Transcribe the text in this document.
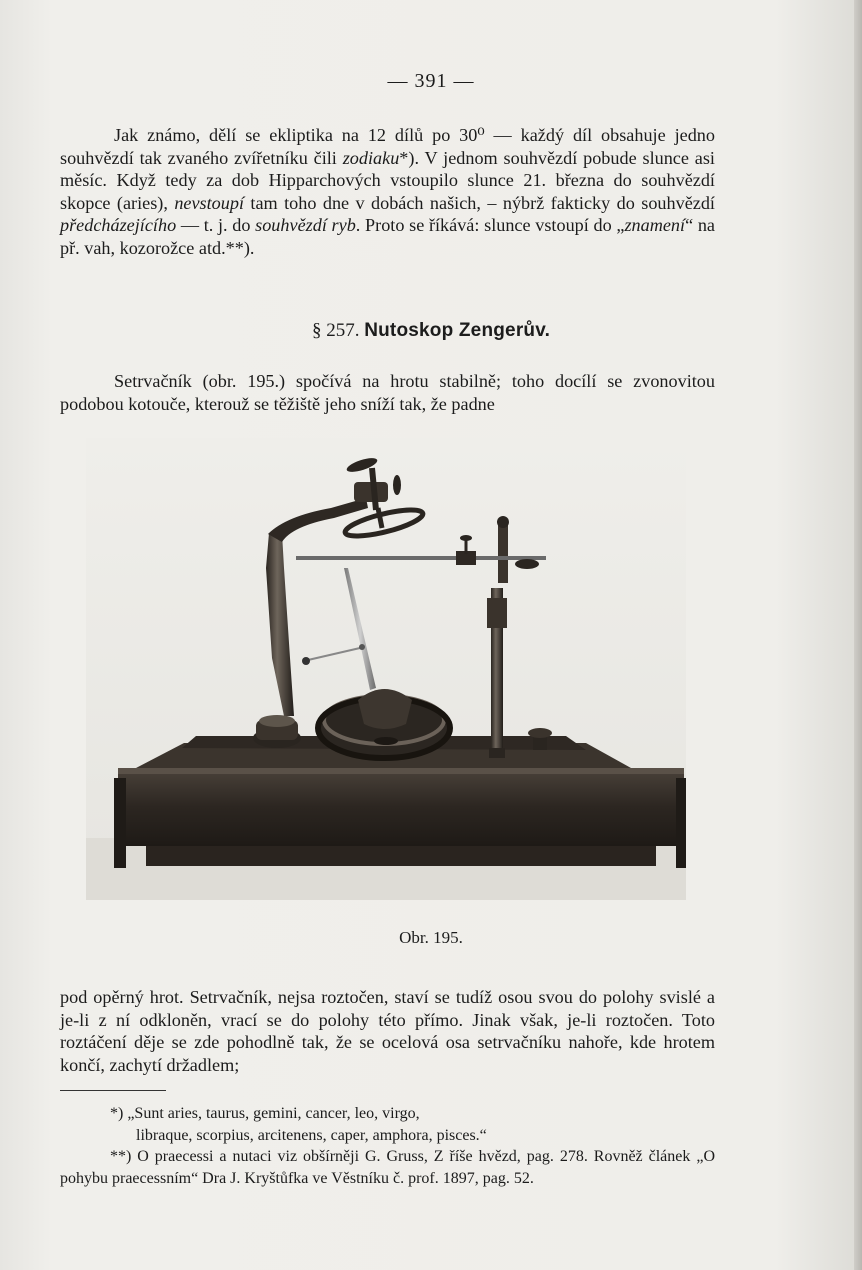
— 391 —

Jak známo, dělí se ekliptika na 12 dílů po 30⁰ — každý díl obsahuje jedno souhvězdí tak zvaného zvířetníku čili zodiaku*). V jednom souhvězdí pobude slunce asi měsíc. Když tedy za dob Hipparchových vstoupilo slunce 21. března do souhvězdí skopce (aries), nevstoupí tam toho dne v dobách našich, – nýbrž fakticky do souhvězdí předcházejícího — t. j. do souhvězdí ryb. Proto se říkává: slunce vstoupí do „znamení“ na př. vah, kozorožce atd.**).

§ 257. Nutoskop Zengerův.

Setrvačník (obr. 195.) spočívá na hrotu stabilně; toho docílí se zvonovitou podobou kotouče, kterouž se těžiště jeho sníží tak, že padne

Obr. 195.

pod opěrný hrot. Setrvačník, nejsa roztočen, staví se tudíž osou svou do polohy svislé a je-li z ní odkloněn, vrací se do polohy této přímo. Jinak však, je-li roztočen. Toto roztáčení děje se zde pohodlně tak, že se ocelová osa setrvačníku nahoře, kde hrotem končí, zachytí držadlem;

*) „Sunt aries, taurus, gemini, cancer, leo, virgo,

libraque, scorpius, arcitenens, caper, amphora, pisces.“

**) O praecessi a nutaci viz obšírněji G. Gruss, Z říše hvězd, pag. 278. Rovněž článek „O pohybu praecessním“ Dra J. Kryštůfka ve Věstníku č. prof. 1897, pag. 52.
